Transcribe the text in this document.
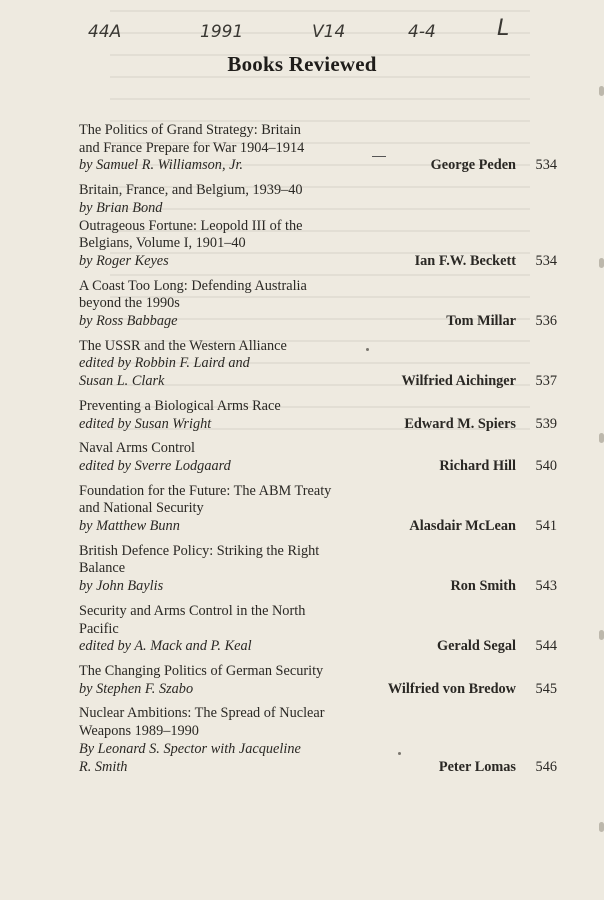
44A	1991	V14	4-4	L
Books Reviewed
The Politics of Grand Strategy: Britain
and France Prepare for War 1904–1914
by Samuel R. Williamson, Jr.	George Peden 534
Britain, France, and Belgium, 1939–40
by Brian Bond
Outrageous Fortune: Leopold III of the
Belgians, Volume I, 1901–40
by Roger Keyes	Ian F.W. Beckett 534
A Coast Too Long: Defending Australia
beyond the 1990s
by Ross Babbage	Tom Millar 536
The USSR and the Western Alliance
edited by Robbin F. Laird and
Susan L. Clark	Wilfried Aichinger 537
Preventing a Biological Arms Race
edited by Susan Wright	Edward M. Spiers 539
Naval Arms Control
edited by Sverre Lodgaard	Richard Hill 540
Foundation for the Future: The ABM Treaty
and National Security
by Matthew Bunn	Alasdair McLean 541
British Defence Policy: Striking the Right
Balance
by John Baylis	Ron Smith 543
Security and Arms Control in the North
Pacific
edited by A. Mack and P. Keal	Gerald Segal 544
The Changing Politics of German Security
by Stephen F. Szabo	Wilfried von Bredow 545
Nuclear Ambitions: The Spread of Nuclear
Weapons 1989–1990
By Leonard S. Spector with Jacqueline
R. Smith	Peter Lomas 546
